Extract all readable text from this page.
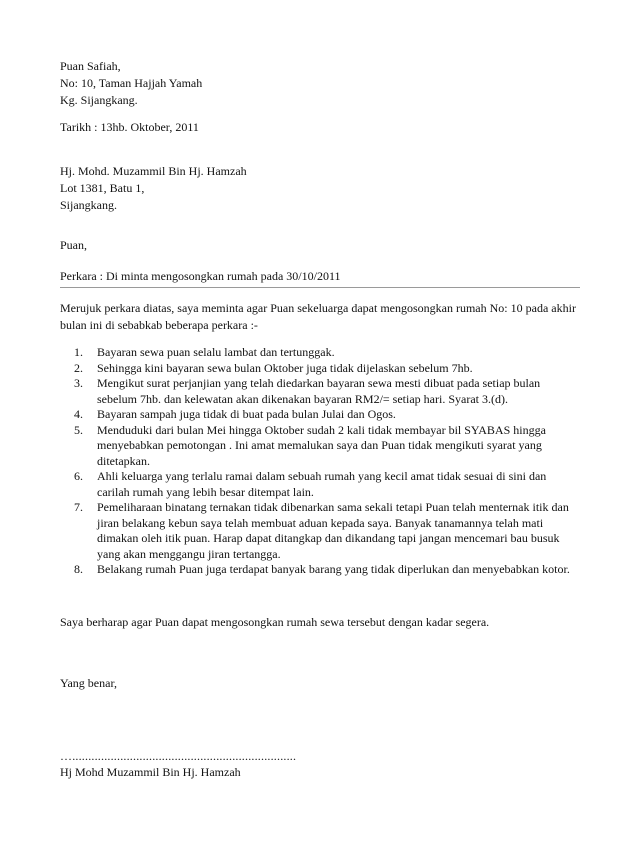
Puan Safiah,
No: 10, Taman Hajjah Yamah
Kg. Sijangkang.
Tarikh : 13hb. Oktober, 2011
Hj. Mohd. Muzammil Bin Hj. Hamzah
Lot 1381, Batu 1,
Sijangkang.
Puan,
Perkara : Di minta mengosongkan rumah pada 30/10/2011
Merujuk perkara diatas, saya meminta agar Puan sekeluarga dapat mengosongkan rumah No: 10 pada akhir bulan ini di sebabkab beberapa perkara :-
1. Bayaran sewa puan selalu lambat dan tertunggak.
2. Sehingga kini bayaran sewa bulan Oktober juga tidak dijelaskan sebelum 7hb.
3. Mengikut surat perjanjian yang telah diedarkan bayaran sewa mesti dibuat pada setiap bulan sebelum 7hb. dan kelewatan akan dikenakan bayaran RM2/= setiap hari. Syarat 3.(d).
4. Bayaran sampah juga tidak di buat pada bulan Julai dan Ogos.
5. Menduduki dari bulan Mei hingga Oktober sudah 2 kali tidak membayar bil SYABAS hingga menyebabkan pemotongan . Ini amat memalukan saya dan Puan tidak mengikuti syarat yang ditetapkan.
6. Ahli keluarga yang terlalu ramai dalam sebuah rumah yang kecil amat tidak sesuai di sini dan carilah rumah yang lebih besar ditempat lain.
7. Pemeliharaan binatang ternakan tidak dibenarkan sama sekali tetapi Puan telah menternak itik dan jiran belakang kebun saya telah membuat aduan kepada saya. Banyak tanamannya telah mati dimakan oleh itik puan. Harap dapat ditangkap dan dikandang tapi jangan mencemari bau busuk yang akan menggangu jiran tertangga.
8. Belakang rumah Puan juga terdapat banyak barang yang tidak diperlukan dan menyebabkan kotor.
Saya berharap agar Puan dapat mengosongkan rumah sewa tersebut dengan kadar segera.
Yang benar,
…......................................................................
Hj Mohd Muzammil Bin Hj. Hamzah
